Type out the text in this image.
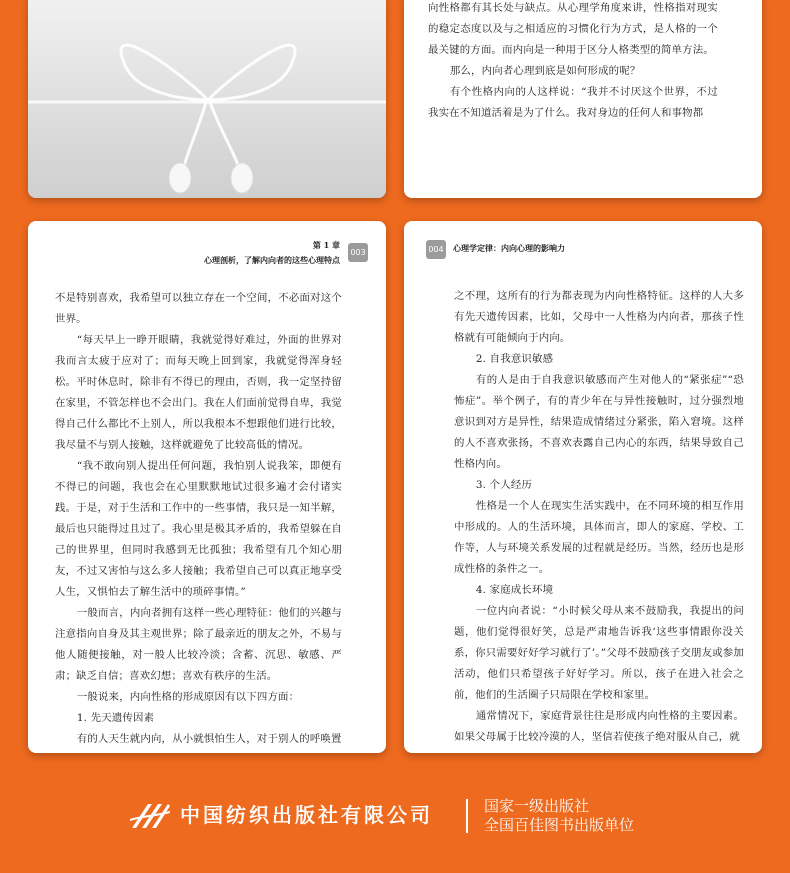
向性格都有其长处与缺点。从心理学角度来讲，性格指对现实的稳定态度以及与之相适应的习惯化行为方式，是人格的一个最关键的方面。而内向是一种用于区分人格类型的简单方法。

那么，内向者心理到底是如何形成的呢？

有个性格内向的人这样说：“我并不讨厌这个世界，不过我实在不知道活着是为了什么。我对身边的任何人和事物都

第 1 章
心理剖析，了解内向者的这些心理特点
003

不是特别喜欢，我希望可以独立存在一个空间，不必面对这个世界。

“每天早上一睁开眼睛，我就觉得好难过，外面的世界对我而言太疲于应对了；而每天晚上回到家，我就觉得浑身轻松。平时休息时，除非有不得已的理由，否则，我一定坚持留在家里，不管怎样也不会出门。我在人们面前觉得自卑，我觉得自己什么都比不上别人，所以我根本不想跟他们进行比较，我尽量不与别人接触，这样就避免了比较高低的情况。

“我不敢向别人提出任何问题，我怕别人说我笨，即便有不得已的问题，我也会在心里默默地试过很多遍才会付诸实践。于是，对于生活和工作中的一些事情，我只是一知半解，最后也只能得过且过了。我心里是极其矛盾的，我希望躲在自己的世界里，但同时我感到无比孤独；我希望有几个知心朋友，不过又害怕与这么多人接触；我希望自己可以真正地享受人生，又惧怕去了解生活中的琐碎事情。”

一般而言，内向者拥有这样一些心理特征：他们的兴趣与注意指向自身及其主观世界；除了最亲近的朋友之外，不易与他人随便接触，对一般人比较冷淡；含蓄、沉思、敏感、严肃；缺乏自信；喜欢幻想；喜欢有秩序的生活。

一般说来，内向性格的形成原因有以下四方面：

1. 先天遗传因素

有的人天生就内向，从小就惧怕生人，对于别人的呼唤置

004 心理学定律：内向心理的影响力

之不理，这所有的行为都表现为内向性格特征。这样的人大多有先天遗传因素，比如，父母中一人性格为内向者，那孩子性格就有可能倾向于内向。

2. 自我意识敏感

有的人是由于自我意识敏感而产生对他人的“紧张症”“恐怖症”。举个例子，有的青少年在与异性接触时，过分强烈地意识到对方是异性，结果造成情绪过分紧张，陷入窘境。这样的人不喜欢张扬，不喜欢表露自己内心的东西，结果导致自己性格内向。

3. 个人经历

性格是一个人在现实生活实践中，在不同环境的相互作用中形成的。人的生活环境，具体而言，即人的家庭、学校、工作等，人与环境关系发展的过程就是经历。当然，经历也是形成性格的条件之一。

4. 家庭成长环境

一位内向者说：“小时候父母从来不鼓励我，我提出的问题，他们觉得很好笑，总是严肃地告诉我‘这些事情跟你没关系，你只需要好好学习就行了’。”父母不鼓励孩子交朋友或参加活动，他们只希望孩子好好学习。所以，孩子在进入社会之前，他们的生活圈子只局限在学校和家里。

通常情况下，家庭背景往往是形成内向性格的主要因素。如果父母属于比较冷漠的人，坚信若使孩子绝对服从自己，就

中国纺织出版社有限公司	国家一级出版社
全国百佳图书出版单位
